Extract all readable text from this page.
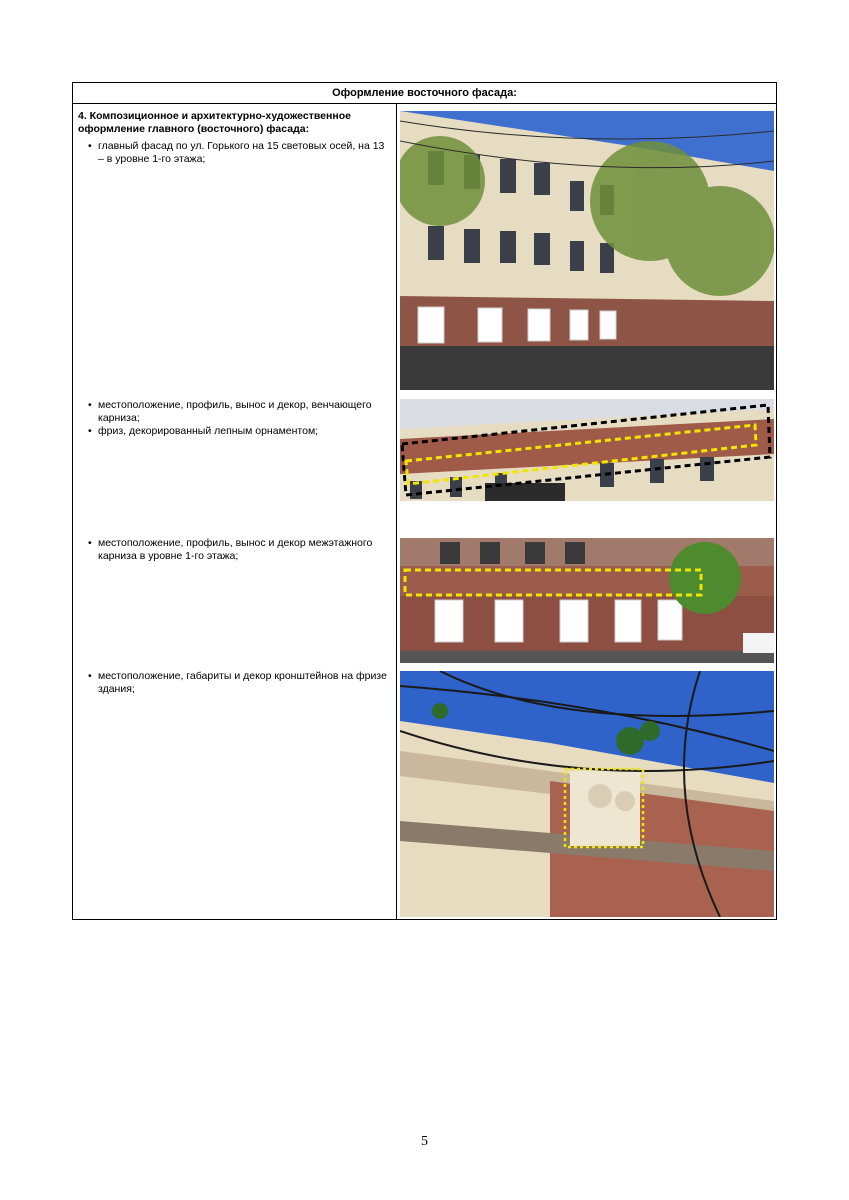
Оформление восточного фасада:
4. Композиционное и архитектурно-художественное оформление главного (восточного) фасада:
• главный фасад по ул. Горького на 15 световых осей, на 13 – в уровне 1-го этажа;
• местоположение, профиль, вынос и декор, венчающего карниза;
• фриз, декорированный лепным орнаментом;
• местоположение, профиль, вынос и декор межэтажного карниза в уровне 1-го этажа;
• местоположение, габариты и декор кронштейнов на фризе здания;
5
